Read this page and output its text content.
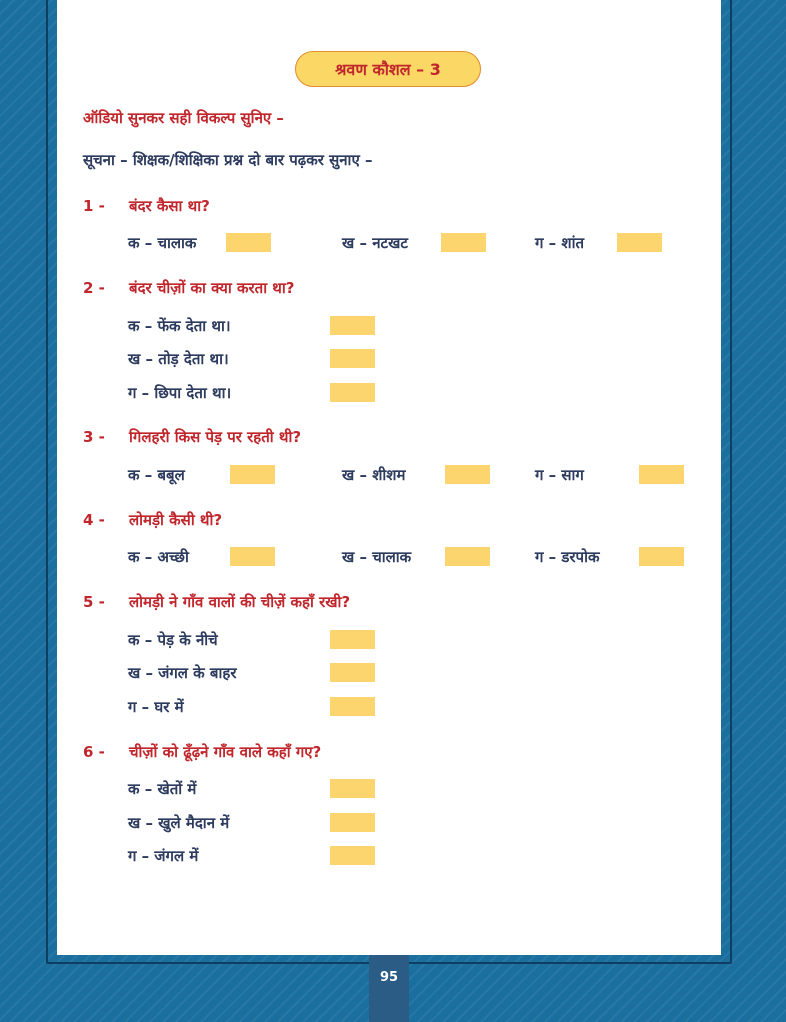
श्रवण कौशल – 3
ऑडियो सुनकर सही विकल्प सुनिए –
सूचना – शिक्षक/शिक्षिका प्रश्न दो बार पढ़कर सुनाए –
1 -	बंदर कैसा था?
क – चालाक	ख – नटखट	ग – शांत
2 -	बंदर चीज़ों का क्या करता था?
क – फेंक देता था।
ख – तोड़ देता था।
ग – छिपा देता था।
3 -	गिलहरी किस पेड़ पर रहती थी?
क – बबूल	ख – शीशम	ग – साग
4 -	लोमड़ी कैसी थी?
क – अच्छी	ख – चालाक	ग – डरपोक
5 -	लोमड़ी ने गाँव वालों की चीज़ें कहाँ रखी?
क – पेड़ के नीचे
ख – जंगल के बाहर
ग – घर में
6 -	चीज़ों को ढूँढ़ने गाँव वाले कहाँ गए?
क – खेतों में
ख – खुले मैदान में
ग – जंगल में
95
